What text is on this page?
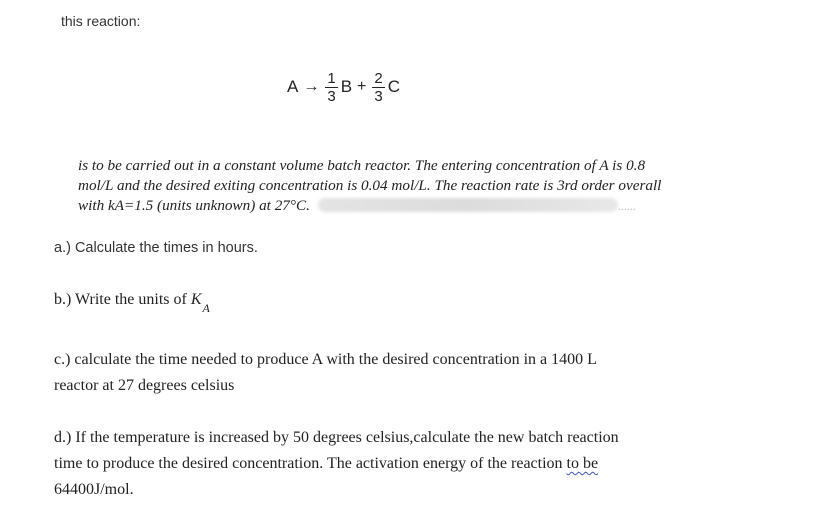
this reaction:
$A \to \frac{1}{3}$ $B + \frac{2}{3}$ C
is to be carried out in a constant volume batch reactor. The entering concentration of A is 0.8
mol/L and the desired exiting concentration is 0.04 mol/L. The reaction rate is 3rd order overall
with kA=1.5 (units unknown) at 27°C.	......
a.) Calculate the times in hours.
b.) Write the units of $K_A$
c.) calculate the time needed to produce A with the desired concentration in a 1400 L
reactor at 27 degrees celsius
d.) If the temperature is increased by 50 degrees celsius,calculate the new batch reaction
time to produce the desired concentration. The activation energy of the reaction to be
64400J/mol.
